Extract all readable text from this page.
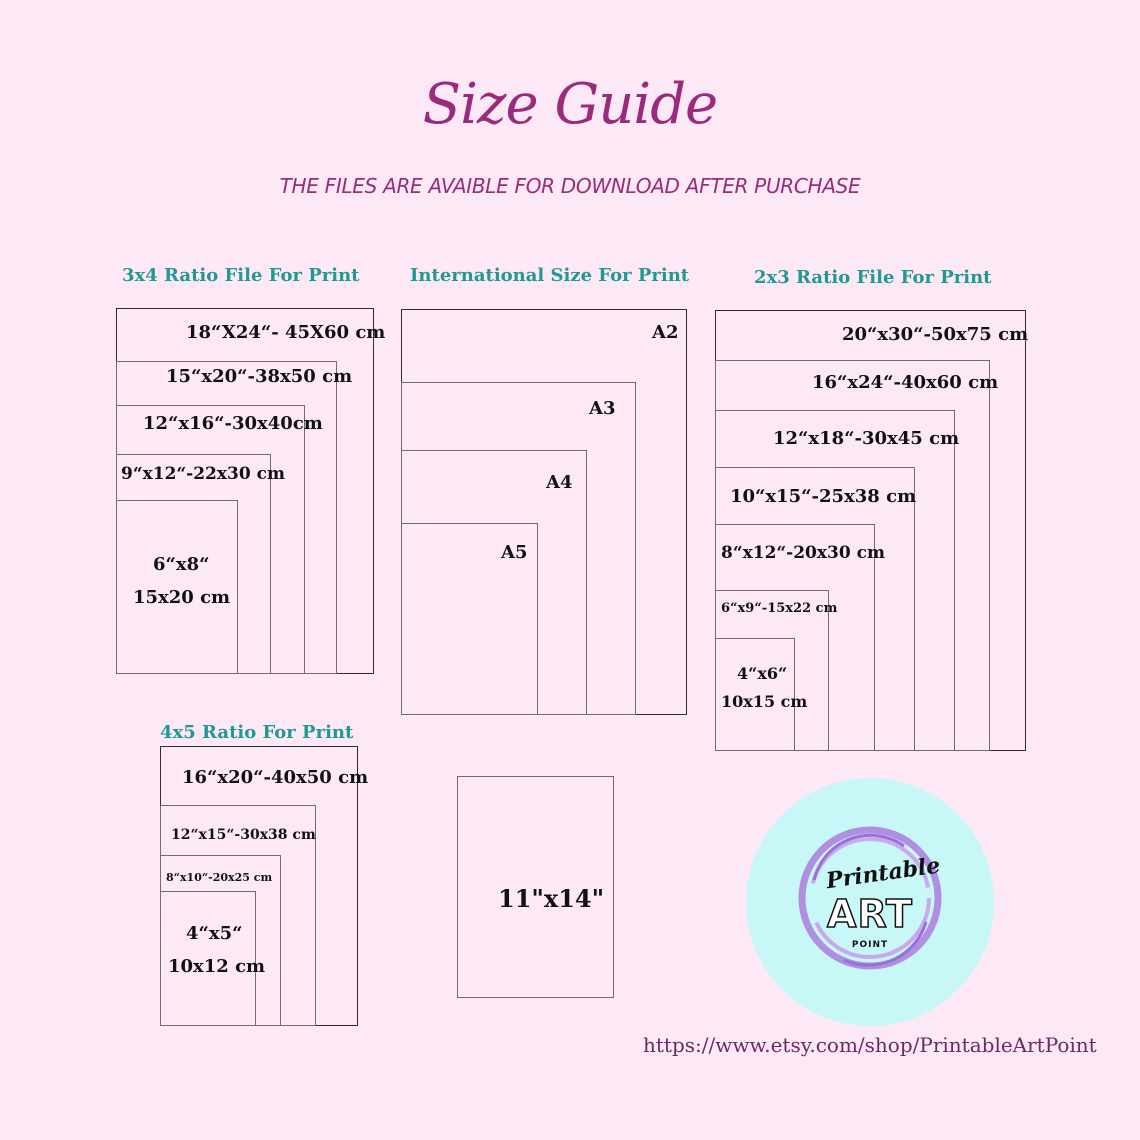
Size Guide
THE FILES ARE AVAIBLE FOR DOWNLOAD AFTER PURCHASE
3x4 Ratio File For Print
18“X24“- 45X60 cm
15“x20“-38x50 cm
12“x16“-30x40cm
9“x12“-22x30 cm
6“x8“
15x20 cm
International Size For Print
A2
A3
A4
A5
2x3 Ratio File For Print
20“x30“-50x75 cm
16“x24“-40x60 cm
12“x18“-30x45 cm
10“x15“-25x38 cm
8“x12“-20x30 cm
6“x9“-15x22 cm
4“x6“
10x15 cm
4x5 Ratio For Print
16“x20“-40x50 cm
12“x15“-30x38 cm
8“x10“-20x25 cm
4“x5“
10x12 cm
11"x14"
Printable
ART
POINT
https://www.etsy.com/shop/PrintableArtPoint
